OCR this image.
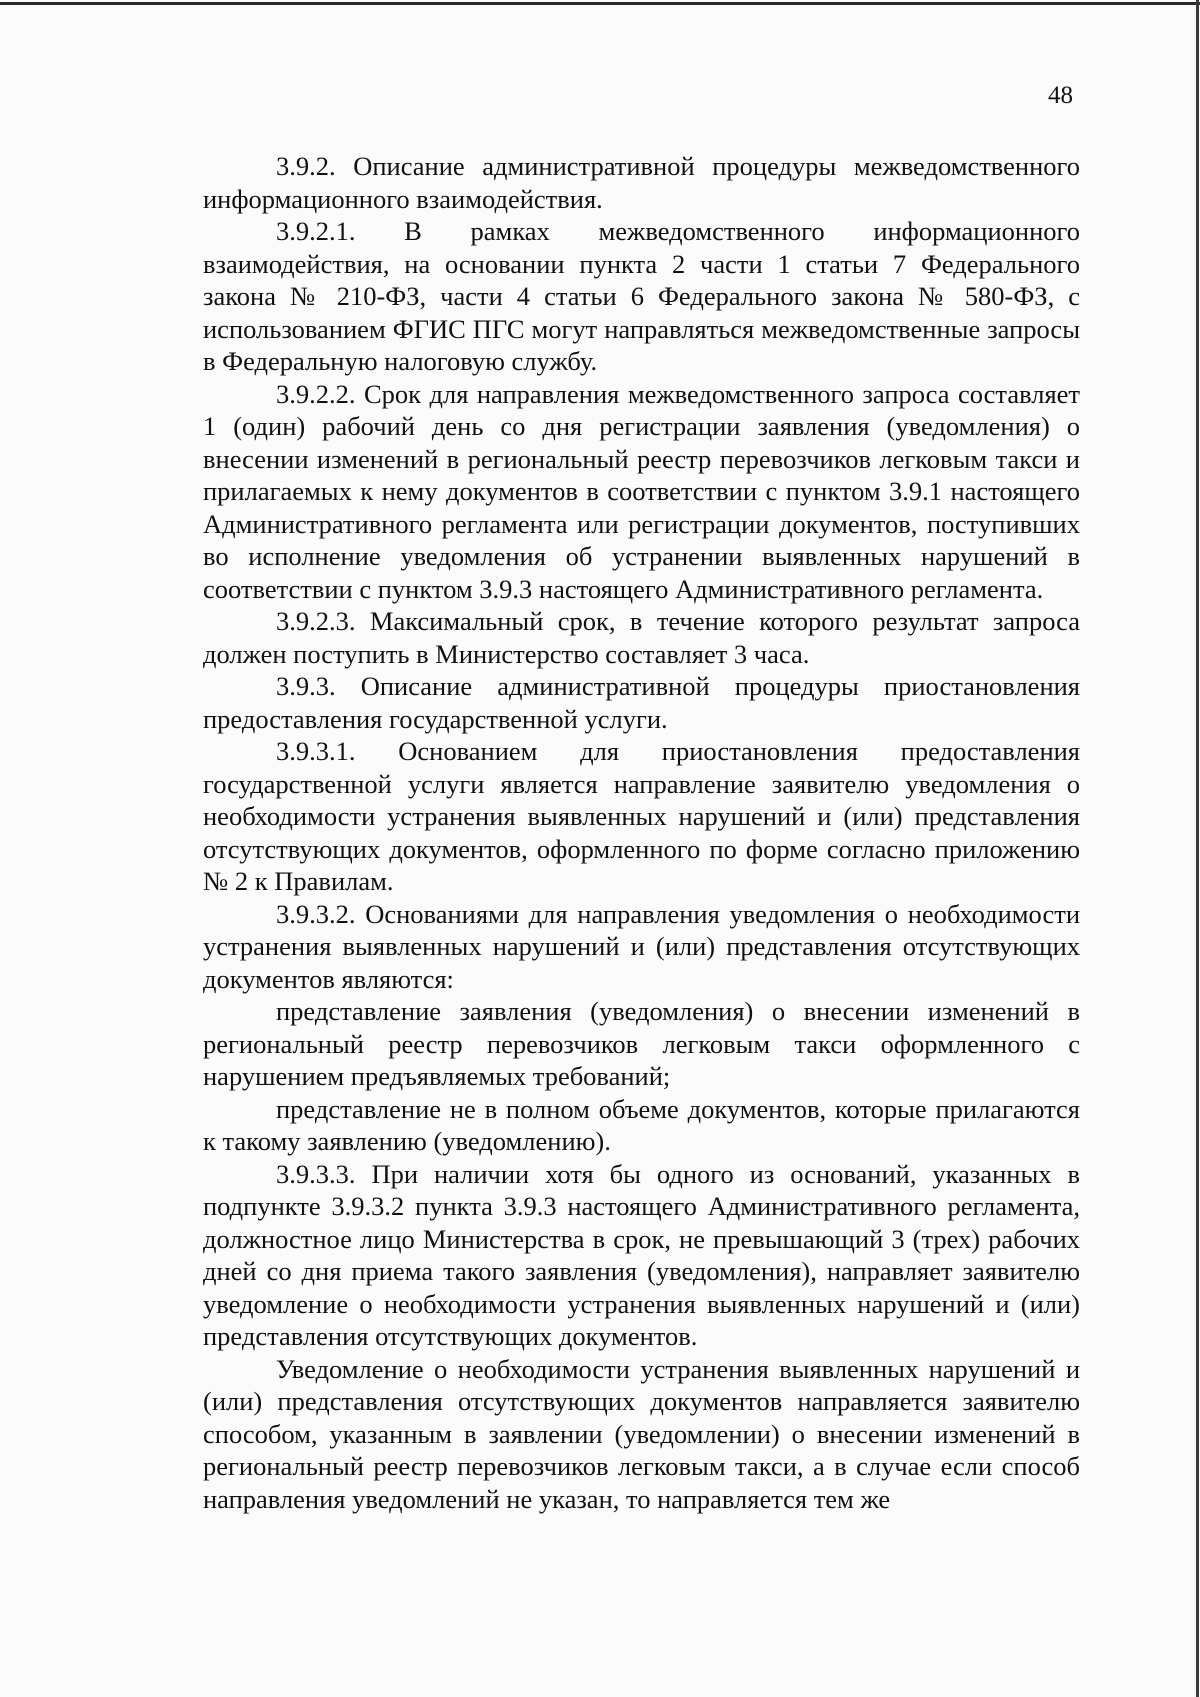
48

3.9.2. Описание административной процедуры межведомственного информационного взаимодействия.

3.9.2.1. В рамках межведомственного информационного взаимодействия, на основании пункта 2 части 1 статьи 7 Федерального закона № 210-ФЗ, части 4 статьи 6 Федерального закона № 580-ФЗ, с использованием ФГИС ПГС могут направляться межведомственные запросы в Федеральную налоговую службу.

3.9.2.2. Срок для направления межведомственного запроса составляет 1 (один) рабочий день со дня регистрации заявления (уведомления) о внесении изменений в региональный реестр перевозчиков легковым такси и прилагаемых к нему документов в соответствии с пунктом 3.9.1 настоящего Административного регламента или регистрации документов, поступивших во исполнение уведомления об устранении выявленных нарушений в соответствии с пунктом 3.9.3 настоящего Административного регламента.

3.9.2.3. Максимальный срок, в течение которого результат запроса должен поступить в Министерство составляет 3 часа.

3.9.3. Описание административной процедуры приостановления предоставления государственной услуги.

3.9.3.1. Основанием для приостановления предоставления государственной услуги является направление заявителю уведомления о необходимости устранения выявленных нарушений и (или) представления отсутствующих документов, оформленного по форме согласно приложению № 2 к Правилам.

3.9.3.2. Основаниями для направления уведомления о необходимости устранения выявленных нарушений и (или) представления отсутствующих документов являются:

представление заявления (уведомления) о внесении изменений в региональный реестр перевозчиков легковым такси оформленного с нарушением предъявляемых требований;

представление не в полном объеме документов, которые прилагаются к такому заявлению (уведомлению).

3.9.3.3. При наличии хотя бы одного из оснований, указанных в подпункте 3.9.3.2 пункта 3.9.3 настоящего Административного регламента, должностное лицо Министерства в срок, не превышающий 3 (трех) рабочих дней со дня приема такого заявления (уведомления), направляет заявителю уведомление о необходимости устранения выявленных нарушений и (или) представления отсутствующих документов.

Уведомление о необходимости устранения выявленных нарушений и (или) представления отсутствующих документов направляется заявителю способом, указанным в заявлении (уведомлении) о внесении изменений в региональный реестр перевозчиков легковым такси, а в случае если способ направления уведомлений не указан, то направляется тем же
